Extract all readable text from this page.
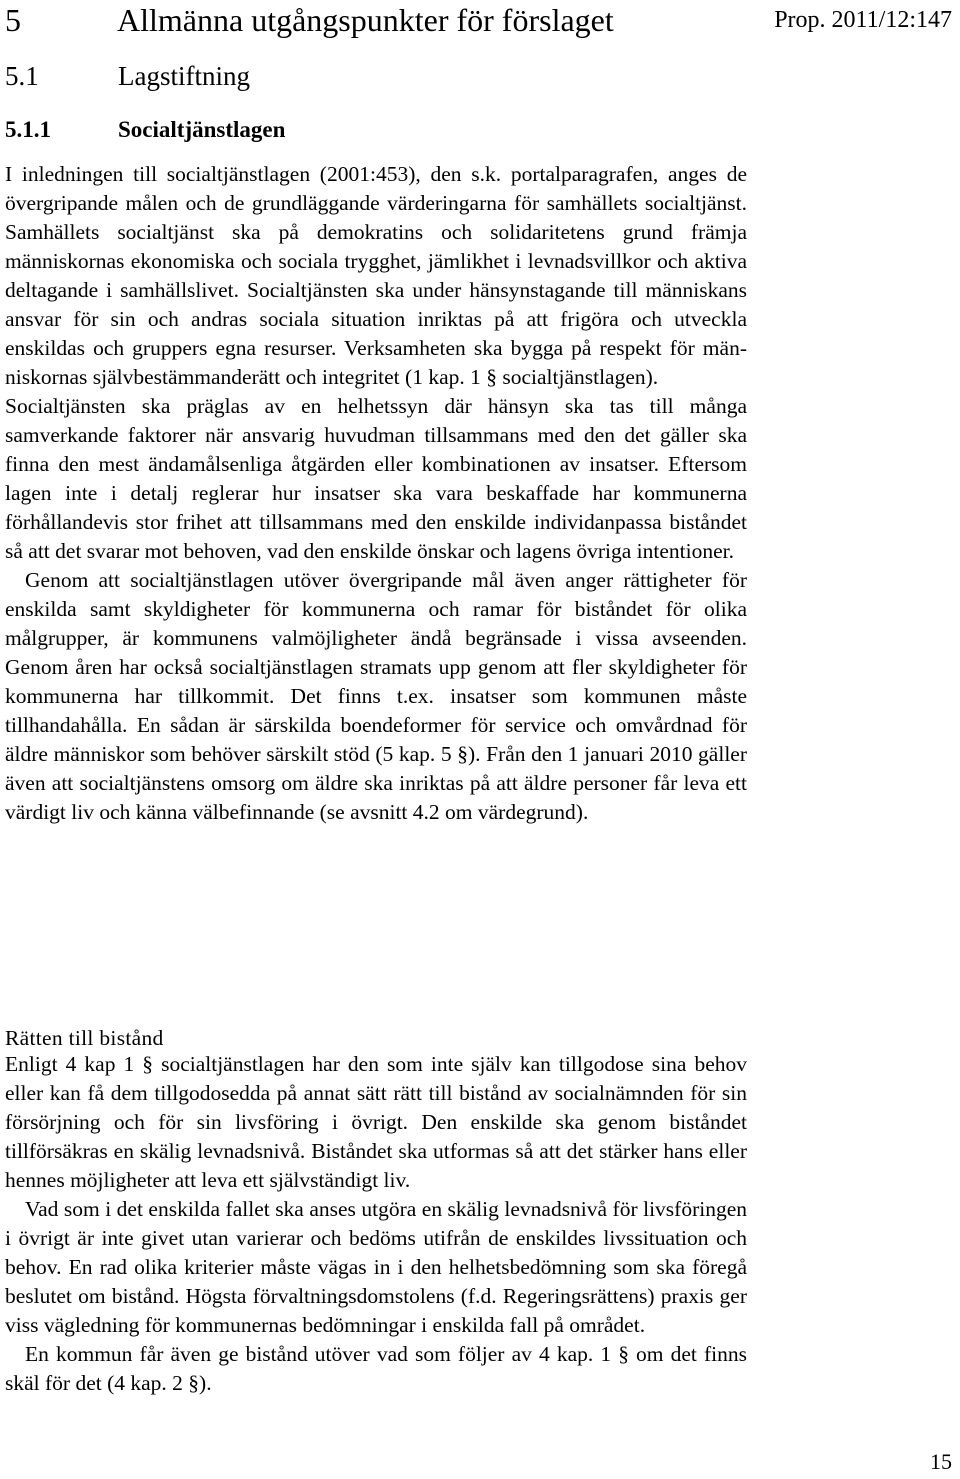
5	Allmänna utgångspunkter för förslaget	Prop. 2011/12:147
5.1	Lagstiftning
5.1.1	Socialtjänstlagen

I inledningen till socialtjänstlagen (2001:453), den s.k. portalparagrafen, anges de övergripande målen och de grundläggande värderingarna för samhällets socialtjänst. Samhällets socialtjänst ska på demokratins och solidaritetens grund främja människornas ekonomiska och sociala trygghet, jämlikhet i levnadsvillkor och aktiva deltagande i samhällslivet. Socialtjänsten ska under hänsynstagande till människans ansvar för sin och andras sociala situation inriktas på att frigöra och utveckla enskildas och gruppers egna resurser. Verksamheten ska bygga på respekt för människornas självbestämmanderätt och integritet (1 kap. 1 § socialtjänstlagen).

Socialtjänsten ska präglas av en helhetssyn där hänsyn ska tas till många samverkande faktorer när ansvarig huvudman tillsammans med den det gäller ska finna den mest ändamålsenliga åtgärden eller kombinationen av insatser. Eftersom lagen inte i detalj reglerar hur insatser ska vara beskaffade har kommunerna förhållandevis stor frihet att tillsammans med den enskilde individanpassa biståndet så att det svarar mot behoven, vad den enskilde önskar och lagens övriga intentioner.

Genom att socialtjänstlagen utöver övergripande mål även anger rättigheter för enskilda samt skyldigheter för kommunerna och ramar för biståndet för olika målgrupper, är kommunens valmöjligheter ändå begränsade i vissa avseenden. Genom åren har också socialtjänstlagen stramats upp genom att fler skyldigheter för kommunerna har tillkommit. Det finns t.ex. insatser som kommunen måste tillhandahålla. En sådan är särskilda boendeformer för service och omvårdnad för äldre människor som behöver särskilt stöd (5 kap. 5 §). Från den 1 januari 2010 gäller även att socialtjänstens omsorg om äldre ska inriktas på att äldre personer får leva ett värdigt liv och känna välbefinnande (se avsnitt 4.2 om värdegrund).

Rätten till bistånd

Enligt 4 kap 1 § socialtjänstlagen har den som inte själv kan tillgodose sina behov eller kan få dem tillgodosedda på annat sätt rätt till bistånd av socialnämnden för sin försörjning och för sin livsföring i övrigt. Den enskilde ska genom biståndet tillförsäkras en skälig levnadsnivå. Biståndet ska utformas så att det stärker hans eller hennes möjligheter att leva ett självständigt liv.

Vad som i det enskilda fallet ska anses utgöra en skälig levnadsnivå för livsföringen i övrigt är inte givet utan varierar och bedöms utifrån de enskildes livssituation och behov. En rad olika kriterier måste vägas in i den helhetsbedömning som ska föregå beslutet om bistånd. Högsta förvaltningsdomstolens (f.d. Regeringsrättens) praxis ger viss vägledning för kommunernas bedömningar i enskilda fall på området.

En kommun får även ge bistånd utöver vad som följer av 4 kap. 1 § om det finns skäl för det (4 kap. 2 §).

15
